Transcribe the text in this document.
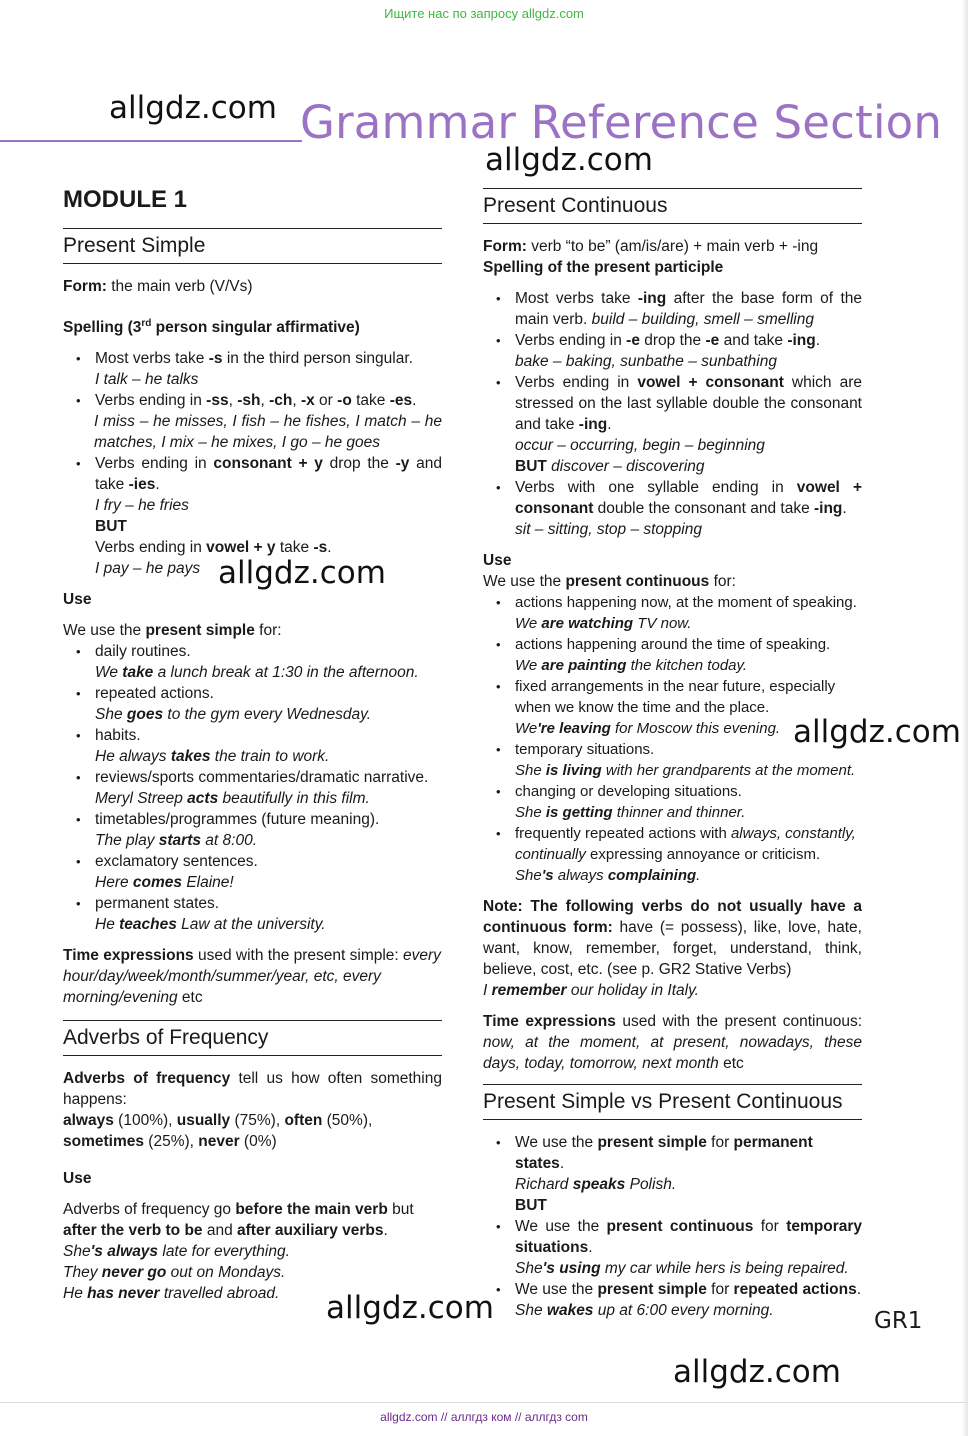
Ищите нас по запросу allgdz.com
allgdz.com Grammar Reference Section
allgdz.com
MODULE 1
Present Simple

Form: the main verb (V/Vs)

Spelling (3rd person singular affirmative)

• Most verbs take -s in the third person singular.
I talk – he talks
• Verbs ending in -ss, -sh, -ch, -x or -o take -es.

I miss – he misses, I fish – he fishes, I match – he matches, I mix – he mixes, I go – he goes
• Verbs ending in consonant + y drop the -y and take -ies.
I fry – he fries
BUT
Verbs ending in vowel + y take -s.
I pay – he pays

Use

We use the present simple for:

• daily routines.
We take a lunch break at 1:30 in the afternoon.
• repeated actions.
She goes to the gym every Wednesday.
• habits.
He always takes the train to work.
• reviews/sports commentaries/dramatic narrative.
Meryl Streep acts beautifully in this film.
• timetables/programmes (future meaning).
The play starts at 8:00.
• exclamatory sentences.
Here comes Elaine!
• permanent states.
He teaches Law at the university.

Time expressions used with the present simple: every hour/day/week/month/summer/year, etc, every morning/evening etc

Adverbs of Frequency

Adverbs of frequency tell us how often something happens:

always (100%), usually (75%), often (50%), sometimes (25%), never (0%)

Use

Adverbs of frequency go before the main verb but after the verb to be and after auxiliary verbs.

She's always late for everything.

They never go out on Mondays.

He has never travelled abroad.

Present Continuous

Form: verb “to be” (am/is/are) + main verb + -ing

Spelling of the present participle

• Most verbs take -ing after the base form of the main verb. build – building, smell – smelling
• Verbs ending in -e drop the -e and take -ing.
bake – baking, sunbathe – sunbathing
• Verbs ending in vowel + consonant which are stressed on the last syllable double the consonant and take -ing.
occur – occurring, begin – beginning
BUT discover – discovering
• Verbs with one syllable ending in vowel + consonant double the consonant and take -ing.
sit – sitting, stop – stopping

Use

We use the present continuous for:

• actions happening now, at the moment of speaking.
We are watching TV now.
• actions happening around the time of speaking.
We are painting the kitchen today.
• fixed arrangements in the near future, especially when we know the time and the place.
We're leaving for Moscow this evening.
• temporary situations.
She is living with her grandparents at the moment.
• changing or developing situations.
She is getting thinner and thinner.
• frequently repeated actions with always, constantly, continually expressing annoyance or criticism.
She's always complaining.

Note: The following verbs do not usually have a continuous form: have (= possess), like, love, hate, want, know, remember, forget, understand, think, believe, cost, etc. (see p. GR2 Stative Verbs)

I remember our holiday in Italy.

Time expressions used with the present continuous: now, at the moment, at present, nowadays, these days, today, tomorrow, next month etc

Present Simple vs Present Continuous
• We use the present simple for permanent states.
Richard speaks Polish.
BUT
• We use the present continuous for temporary situations.
She's using my car while hers is being repaired.
• We use the present simple for repeated actions.
She wakes up at 6:00 every morning.
allgdz.com
allgdz.com
allgdz.com
allgdz.com
GR1
allgdz.com // аллгдз ком // аллгдз com
